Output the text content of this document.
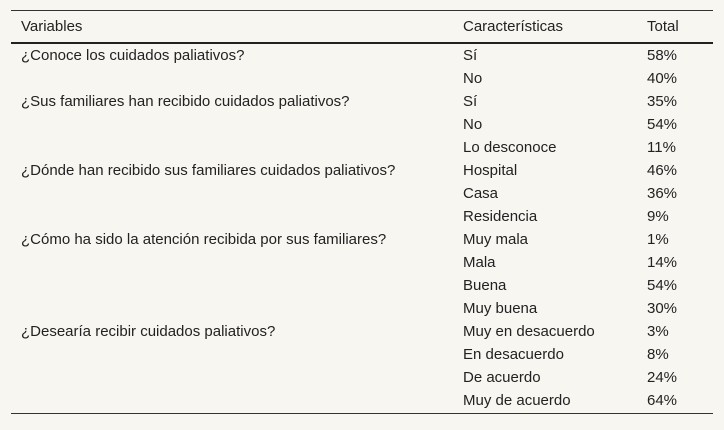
Variables	Características	Total
¿Conoce los cuidados paliativos?	Sí	58%
	No	40%
¿Sus familiares han recibido cuidados paliativos?	Sí	35%
	No	54%
	Lo desconoce	11%
¿Dónde han recibido sus familiares cuidados paliativos?	Hospital	46%
	Casa	36%
	Residencia	9%
¿Cómo ha sido la atención recibida por sus familiares?	Muy mala	1%
	Mala	14%
	Buena	54%
	Muy buena	30%
¿Desearía recibir cuidados paliativos?	Muy en desacuerdo	3%
	En desacuerdo	8%
	De acuerdo	24%
	Muy de acuerdo	64%
